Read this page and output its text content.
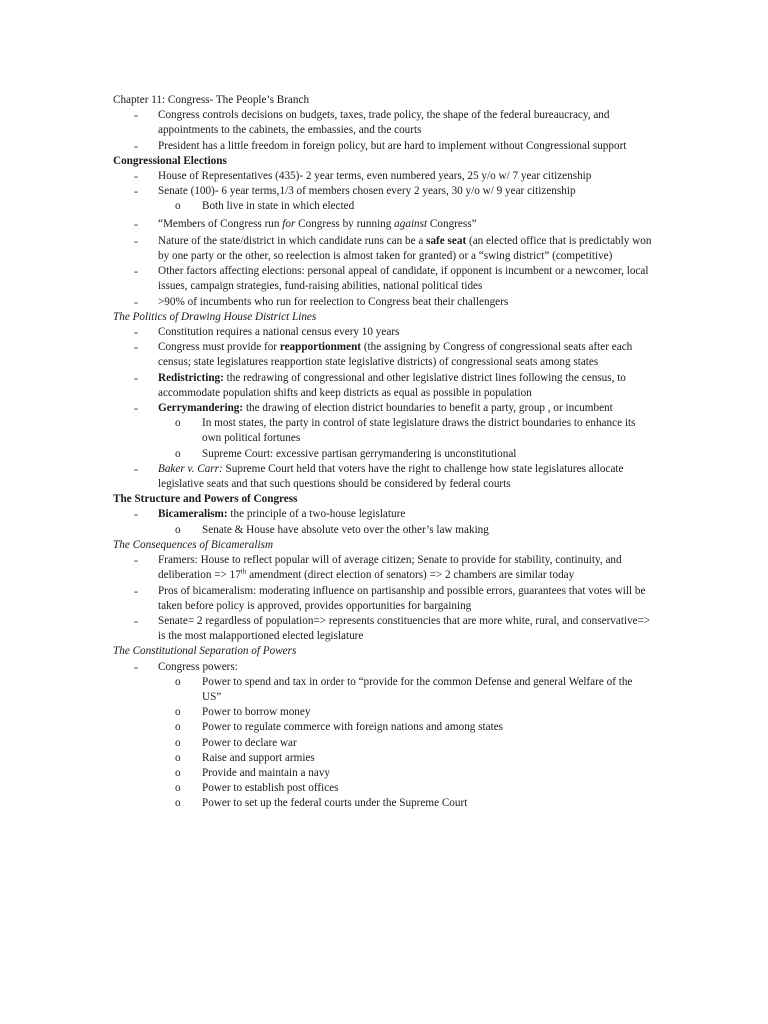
Chapter 11: Congress- The People’s Branch

- Congress controls decisions on budgets, taxes, trade policy, the shape of the federal bureaucracy, and appointments to the cabinets, the embassies, and the courts
- President has a little freedom in foreign policy, but are hard to implement without Congressional support

Congressional Elections

- House of Representatives (435)- 2 year terms, even numbered years, 25 y/o w/ 7 year citizenship
- Senate (100)- 6 year terms,1/3 of members chosen every 2 years, 30 y/o w/ 9 year citizenship
o Both live in state in which elected
- “Members of Congress run for Congress by running against Congress”
- Nature of the state/district in which candidate runs can be a safe seat (an elected office that is predictably won by one party or the other, so reelection is almost taken for granted) or a “swing district” (competitive)
- Other factors affecting elections: personal appeal of candidate, if opponent is incumbent or a newcomer, local issues, campaign strategies, fund-raising abilities, national political tides
- >90% of incumbents who run for reelection to Congress beat their challengers

The Politics of Drawing House District Lines

- Constitution requires a national census every 10 years
- Congress must provide for reapportionment (the assigning by Congress of congressional seats after each census; state legislatures reapportion state legislative districts) of congressional seats among states
- Redistricting: the redrawing of congressional and other legislative district lines following the census, to accommodate population shifts and keep districts as equal as possible in population
- Gerrymandering: the drawing of election district boundaries to benefit a party, group , or incumbent
o In most states, the party in control of state legislature draws the district boundaries to enhance its own political fortunes
o Supreme Court: excessive partisan gerrymandering is unconstitutional
- Baker v. Carr: Supreme Court held that voters have the right to challenge how state legislatures allocate legislative seats and that such questions should be considered by federal courts

The Structure and Powers of Congress

- Bicameralism: the principle of a two-house legislature
o Senate & House have absolute veto over the other’s law making

The Consequences of Bicameralism

- Framers: House to reflect popular will of average citizen; Senate to provide for stability, continuity, and deliberation => 17th amendment (direct election of senators) => 2 chambers are similar today
- Pros of bicameralism: moderating influence on partisanship and possible errors, guarantees that votes will be taken before policy is approved, provides opportunities for bargaining
- Senate= 2 regardless of population=> represents constituencies that are more white, rural, and conservative=> is the most malapportioned elected legislature

The Constitutional Separation of Powers

- Congress powers:
o Power to spend and tax in order to “provide for the common Defense and general Welfare of the US”
o Power to borrow money
o Power to regulate commerce with foreign nations and among states
o Power to declare war
o Raise and support armies
o Provide and maintain a navy
o Power to establish post offices
o Power to set up the federal courts under the Supreme Court
